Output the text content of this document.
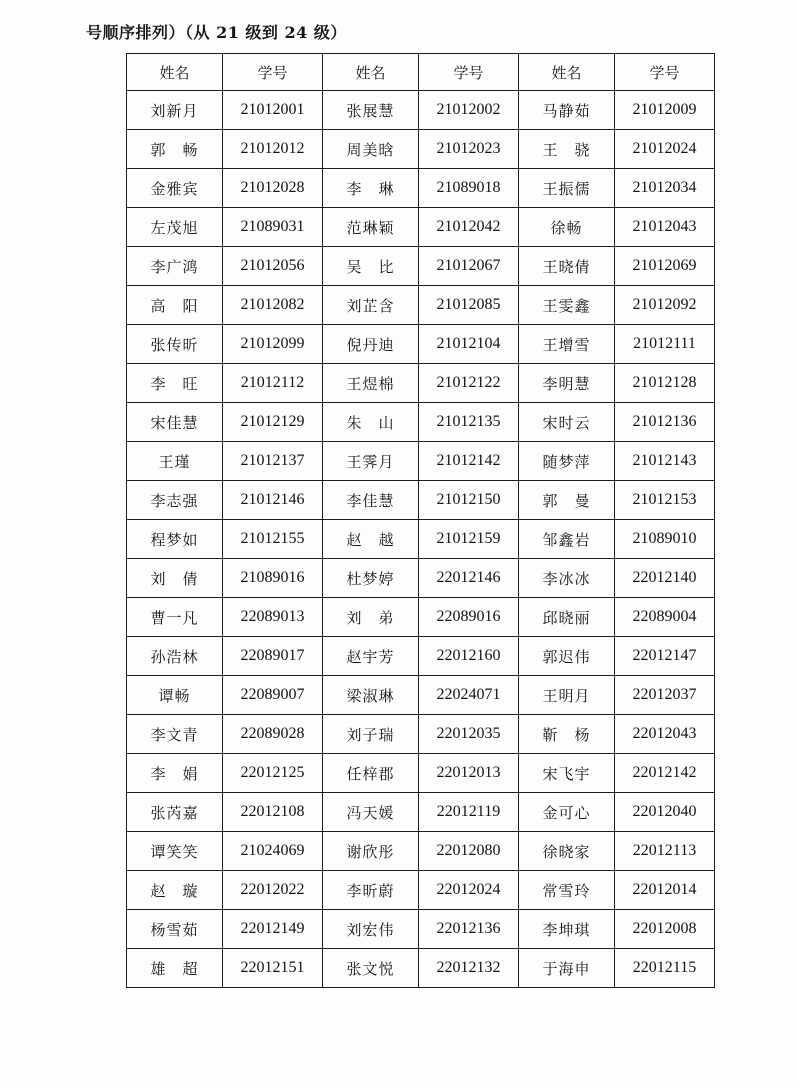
号顺序排列）（从 21 级到 24 级）
姓名	学号	姓名	学号	姓名	学号
刘新月	21012001	张展慧	21012002	马静茹	21012009
郭　畅	21012012	周美晗	21012023	王　骁	21012024
金雅宾	21012028	李　琳	21089018	王振儒	21012034
左茂旭	21089031	范琳颖	21012042	徐畅	21012043
李广鸿	21012056	吴　比	21012067	王晓倩	21012069
高　阳	21012082	刘芷含	21012085	王雯鑫	21012092
张传昕	21012099	倪丹迪	21012104	王增雪	21012111
李　旺	21012112	王煜棉	21012122	李明慧	21012128
宋佳慧	21012129	朱　山	21012135	宋时云	21012136
王瑾	21012137	王霁月	21012142	随梦萍	21012143
李志强	21012146	李佳慧	21012150	郭　曼	21012153
程梦如	21012155	赵　越	21012159	邹鑫岩	21089010
刘　倩	21089016	杜梦婷	22012146	李冰冰	22012140
曹一凡	22089013	刘　弟	22089016	邱晓丽	22089004
孙浩林	22089017	赵宇芳	22012160	郭迟伟	22012147
谭畅	22089007	梁淑琳	22024071	王明月	22012037
李文青	22089028	刘子瑞	22012035	靳　杨	22012043
李　娟	22012125	任梓郡	22012013	宋飞宇	22012142
张芮嘉	22012108	冯天媛	22012119	金可心	22012040
谭笑笑	21024069	谢欣彤	22012080	徐晓家	22012113
赵　璇	22012022	李昕蔚	22012024	常雪玲	22012014
杨雪茹	22012149	刘宏伟	22012136	李坤琪	22012008
雄　超	22012151	张文悦	22012132	于海申	22012115
